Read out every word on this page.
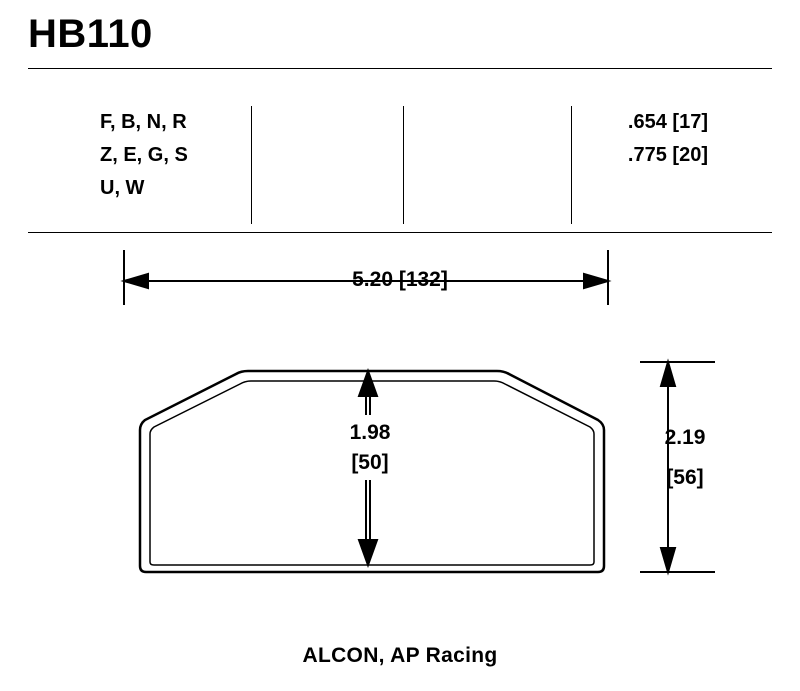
HB110
F, B, N, R
Z, E, G, S
U, W
.654 [17]
.775 [20]
5.20 [132]
1.98
[50]
2.19
[56]
ALCON, AP Racing
